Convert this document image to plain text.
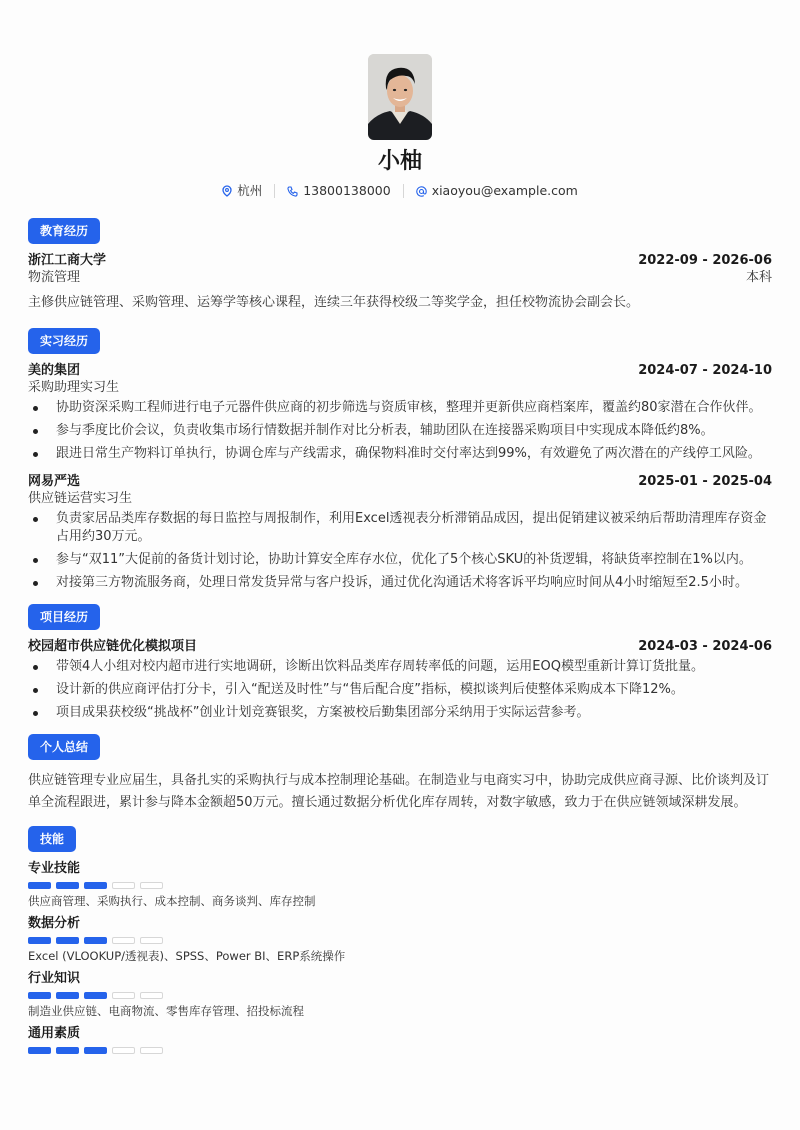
小柚
杭州	13800138000	xiaoyou@example.com
教育经历
浙江工商大学	2022-09 - 2026-06
物流管理	本科
主修供应链管理、采购管理、运筹学等核心课程，连续三年获得校级二等奖学金，担任校物流协会副会长。
实习经历
美的集团	2024-07 - 2024-10
采购助理实习生
协助资深采购工程师进行电子元器件供应商的初步筛选与资质审核，整理并更新供应商档案库，覆盖约80家潜在合作伙伴。
参与季度比价会议，负责收集市场行情数据并制作对比分析表，辅助团队在连接器采购项目中实现成本降低约8%。
跟进日常生产物料订单执行，协调仓库与产线需求，确保物料准时交付率达到99%，有效避免了两次潜在的产线停工风险。
网易严选	2025-01 - 2025-04
供应链运营实习生
负责家居品类库存数据的每日监控与周报制作，利用Excel透视表分析滞销品成因，提出促销建议被采纳后帮助清理库存资金占用约30万元。
参与“双11”大促前的备货计划讨论，协助计算安全库存水位，优化了5个核心SKU的补货逻辑，将缺货率控制在1%以内。
对接第三方物流服务商，处理日常发货异常与客户投诉，通过优化沟通话术将客诉平均响应时间从4小时缩短至2.5小时。
项目经历
校园超市供应链优化模拟项目	2024-03 - 2024-06
带领4人小组对校内超市进行实地调研，诊断出饮料品类库存周转率低的问题，运用EOQ模型重新计算订货批量。
设计新的供应商评估打分卡，引入“配送及时性”与“售后配合度”指标，模拟谈判后使整体采购成本下降12%。
项目成果获校级“挑战杯”创业计划竞赛银奖，方案被校后勤集团部分采纳用于实际运营参考。
个人总结
供应链管理专业应届生，具备扎实的采购执行与成本控制理论基础。在制造业与电商实习中，协助完成供应商寻源、比价谈判及订单全流程跟进，累计参与降本金额超50万元。擅长通过数据分析优化库存周转，对数字敏感，致力于在供应链领域深耕发展。
技能
专业技能
供应商管理、采购执行、成本控制、商务谈判、库存控制
数据分析
Excel (VLOOKUP/透视表)、SPSS、Power BI、ERP系统操作
行业知识
制造业供应链、电商物流、零售库存管理、招投标流程
通用素质
